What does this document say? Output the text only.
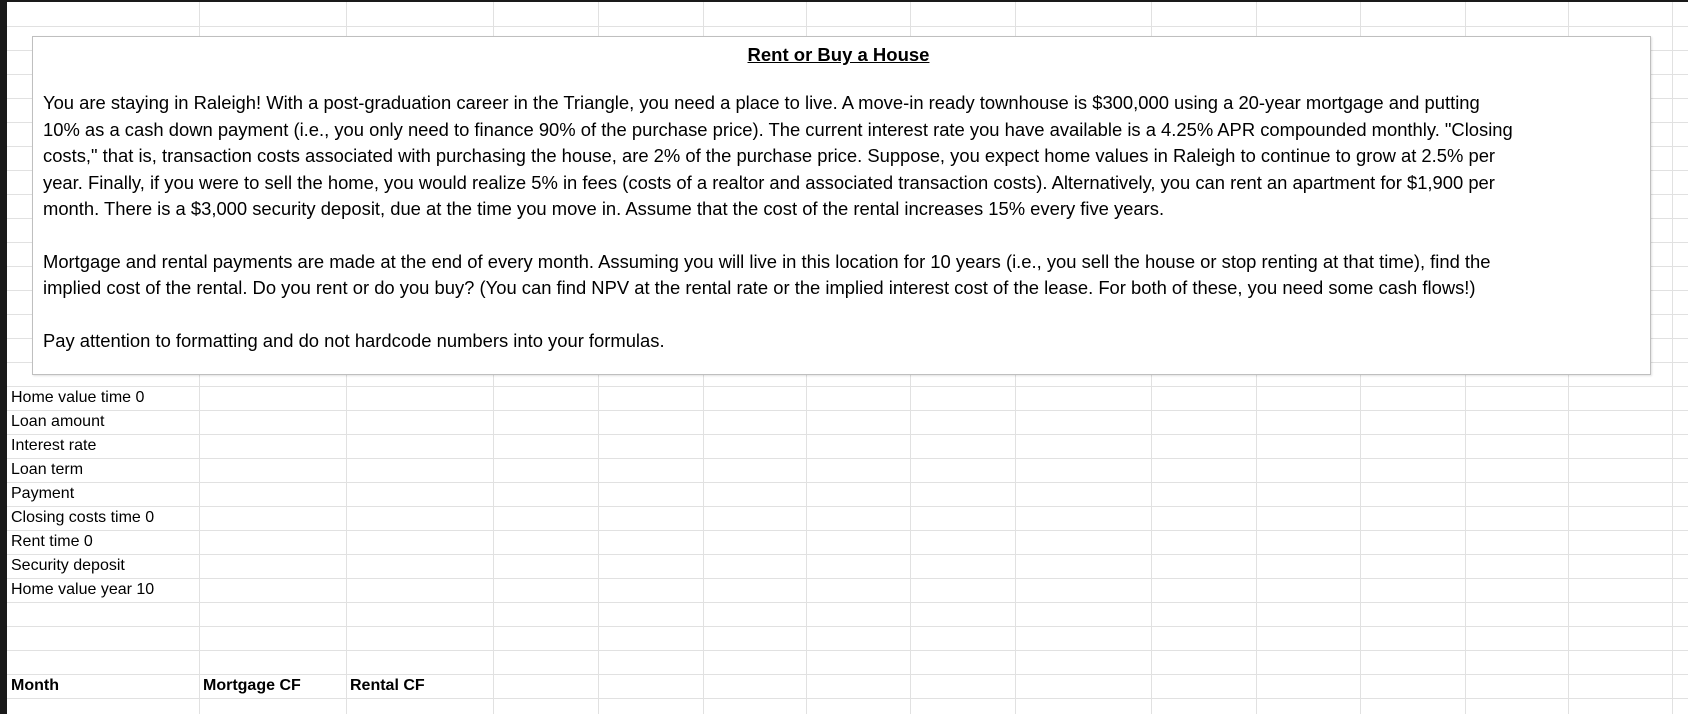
Rent or Buy a House
You are staying in Raleigh! With a post-graduation career in the Triangle, you need a place to live. A move-in ready townhouse is $300,000 using a 20-year mortgage and putting
10% as a cash down payment (i.e., you only need to finance 90% of the purchase price). The current interest rate you have available is a 4.25% APR compounded monthly. "Closing
costs," that is, transaction costs associated with purchasing the house, are 2% of the purchase price. Suppose, you expect home values in Raleigh to continue to grow at 2.5% per
year. Finally, if you were to sell the home, you would realize 5% in fees (costs of a realtor and associated transaction costs). Alternatively, you can rent an apartment for $1,900 per
month. There is a $3,000 security deposit, due at the time you move in. Assume that the cost of the rental increases 15% every five years.
Mortgage and rental payments are made at the end of every month. Assuming you will live in this location for 10 years (i.e., you sell the house or stop renting at that time), find the
implied cost of the rental. Do you rent or do you buy? (You can find NPV at the rental rate or the implied interest cost of the lease. For both of these, you need some cash flows!)
Pay attention to formatting and do not hardcode numbers into your formulas.
Home value time 0
Loan amount
Interest rate
Loan term
Payment
Closing costs time 0
Rent time 0
Security deposit
Home value year 10
Month	Mortgage CF	Rental CF
